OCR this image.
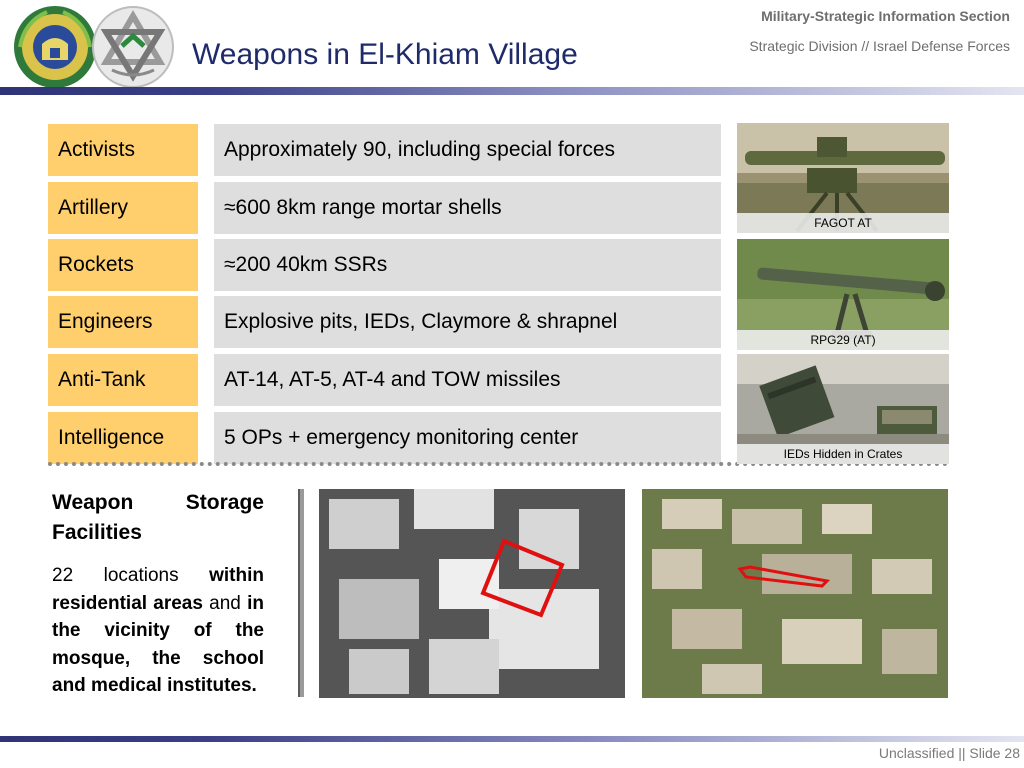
Weapons in El-Khiam Village
Military-Strategic Information Section
Strategic Division // Israel Defense Forces
Activists	Approximately 90, including special forces
Artillery	≈600 8km range mortar shells
Rockets	≈200 40km SSRs
Engineers	Explosive pits, IEDs, Claymore & shrapnel
Anti-Tank	AT-14, AT-5, AT-4 and TOW missiles
Intelligence	5 OPs + emergency monitoring center
FAGOT AT
RPG29 (AT)
IEDs Hidden in Crates
Weapon Storage Facilities
22 locations within residential areas and in the vicinity of the mosque, the school and medical institutes.
Unclassified || Slide 28
